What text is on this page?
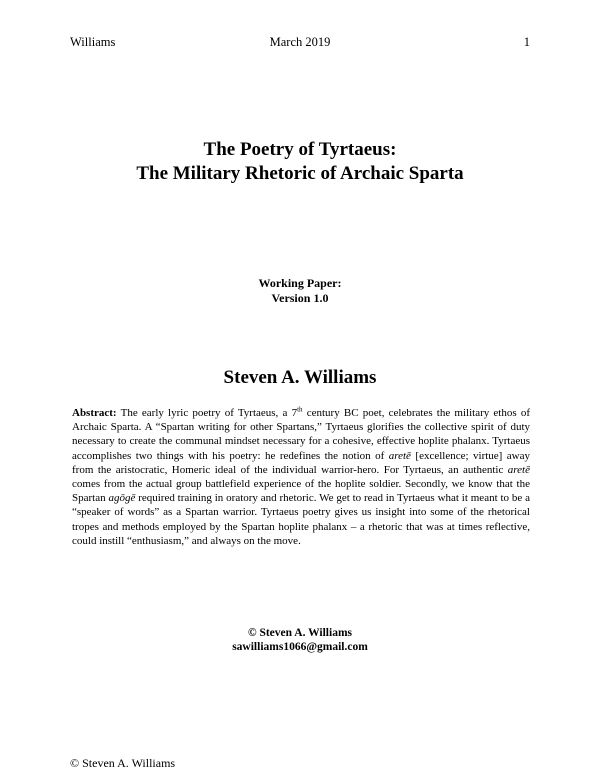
Williams	March 2019	1
The Poetry of Tyrtaeus:
The Military Rhetoric of Archaic Sparta
Working Paper:
Version 1.0
Steven A. Williams
Abstract: The early lyric poetry of Tyrtaeus, a 7th century BC poet, celebrates the military ethos of Archaic Sparta. A “Spartan writing for other Spartans,” Tyrtaeus glorifies the collective spirit of duty necessary to create the communal mindset necessary for a cohesive, effective hoplite phalanx. Tyrtaeus accomplishes two things with his poetry: he redefines the notion of aretē [excellence; virtue] away from the aristocratic, Homeric ideal of the individual warrior-hero. For Tyrtaeus, an authentic aretē comes from the actual group battlefield experience of the hoplite soldier. Secondly, we know that the Spartan agōgē required training in oratory and rhetoric. We get to read in Tyrtaeus what it meant to be a “speaker of words” as a Spartan warrior. Tyrtaeus poetry gives us insight into some of the rhetorical tropes and methods employed by the Spartan hoplite phalanx – a rhetoric that was at times reflective, could instill “enthusiasm,” and always on the move.
© Steven A. Williams
sawilliams1066@gmail.com
© Steven A. Williams
